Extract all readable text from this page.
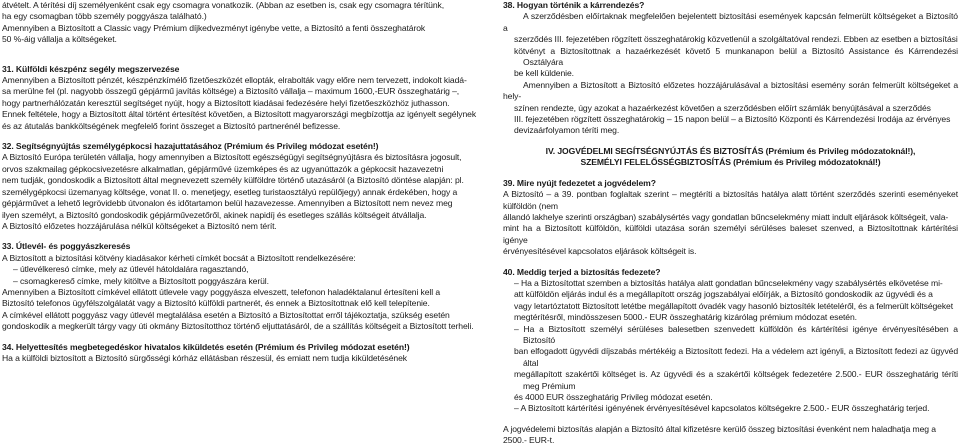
átvételt. A térítési díj személyenként csak egy csomagra vonatkozik. (Abban az esetben is, csak egy csomagra térítünk,

ha egy csomagban több személy poggyásza található.)

Amennyiben a Biztosított a Classic vagy Prémium díjkedvezményt igénybe vette, a Biztosító a fenti összeghatárok

50 %-áig vállalja a költségeket.

31. Külföldi készpénz segély megszervezése

Amennyiben a Biztosított pénzét, készpénzkímélő fizetőeszközét ellopták, elrabolták vagy előre nem tervezett, indokolt kiadá-

sa merülne fel (pl. nagyobb összegű gépjármű javítás költsége) a Biztosító vállalja – maximum 1600,-EUR összeghatárig –,

hogy partnerhálózatán keresztül segítséget nyújt, hogy a Biztosított kiadásai fedezésére helyi fizetőeszközhöz juthasson.

Ennek feltétele, hogy a Biztosított által történt értesítést követően, a Biztosított magyarországi megbízottja az igényelt segélynek

és az átutalás bankköltségének megfelelő forint összeget a Biztosító partnerénél befizesse.

32. Segítségnyújtás személygépkocsi hazajuttatásához (Prémium és Privileg módozat esetén!)

A Biztosító Európa területén vállalja, hogy amennyiben a Biztosított egészségügyi segítségnyújtásra és biztosításra jogosult,

orvos szakmailag gépkocsivezetésre alkalmatlan, gépjárművé üzemképes és az ugyanúttazók a gépkocsit hazavezetni

nem tudják, gondoskodik a Biztosított által megnevezett személy külföldre történő utazásáról (a Biztosító döntése alapján: pl.

személygépkocsi üzemanyag költsége, vonat II. o. menetjegy, esetleg turistaosztályú repülőjegy) annak érdekében, hogy a

gépjárművet a lehető legrövidebb útvonalon és időtartamon belül hazavezesse. Amennyiben a Biztosított nem nevez meg

ilyen személyt, a Biztosító gondoskodik gépjárművezetőről, akinek napidíj és esetleges szállás költségeit átvállalja.

A Biztosító előzetes hozzájárulása nélkül költségeket a Biztosító nem térít.

33. Útlevél- és poggyászkeresés

A Biztosított a biztosítási kötvény kiadásakor kérheti címkét bocsát a Biztosított rendelkezésére:

– útlevélkeresó címke, mely az útlevél hátoldalára ragasztandó,

– csomagkereső címke, mely kitöltve a Biztosított poggyászára kerül.

Amennyiben a Biztosított címkével ellátott útlevele vagy poggyásza elveszett, telefonon haladéktalanul értesíteni kell a

Biztosító telefonos ügyfélszolgálatát vagy a Biztosító külföldi partnerét, és ennek a Biztosítottnak elő kell telepítenie.

A címkével ellátott poggyász vagy útlevél megtalálása esetén a Biztosító a Biztosítottat erről tájékoztatja, szükség esetén

gondoskodik a megkerült tárgy vagy úti okmány Biztosítotthoz történő eljuttatásáról, de a szállítás költségeit a Biztosított terheli.

34. Helyettesítés megbetegedéskor hivatalos kiküldetés esetén (Prémium és Privileg módozat esetén!)

Ha a külföldi biztosított a Biztosító sürgősségi kórház ellátásban részesül, és emiatt nem tudja kiküldetésének

38. Hogyan történik a kárrendezés?

A szerződésben előírtaknak megfelelően bejelentett biztosítási események kapcsán felmerült költségeket a Biztosító a

szerződés III. fejezetében rögzített összeghatárokig közvetlenül a szolgáltatóval rendezi. Ebben az esetben a biztosítási

kötvényt a Biztosítottnak a hazaérkezését követő 5 munkanapon belül a Biztosító Assistance és Kárrendezési Osztályára

be kell küldenie.

Amennyiben a Biztosított a Biztosító előzetes hozzájárulásával a biztosítási esemény során felmerült költségeket a hely-

színen rendezte, úgy azokat a hazaérkezést követően a szerződésben előírt számlák benyújtásával a szerződés

III. fejezetében rögzített összeghatárokig – 15 napon belül – a Biztosító Központi és Kárrendezési Irodája az érvényes

devizaárfolyamon téríti meg.

IV. JOGVÉDELMI SEGÍTSÉGNYÚJTÁS ÉS BIZTOSÍTÁS (Prémium és Privileg módozatoknál!),

SZEMÉLYI FELELŐSSÉGBIZTOSÍTÁS (Prémium és Privileg módozatoknál!)

39. Mire nyújt fedezetet a jogvédelem?

A Biztosító – a 39. pontban foglaltak szerint – megtéríti a biztosítás hatálya alatt történt szerződés szerinti eseményeket külföldön (nem

állandó lakhelye szerinti országban) szabálysértés vagy gondatlan bűncselekmény miatt indult eljárások költségeit, vala-

mint ha a Biztosított külföldön, külföldi utazása során személyi sérüléses baleset szenved, a Biztosítottnak kártérítési igénye

érvényesítésével kapcsolatos eljárások költségeit is.

40. Meddig terjed a biztosítás fedezete?

– Ha a Biztosítottat szemben a biztosítás hatálya alatt gondatlan bűncselekmény vagy szabálysértés elkövetése mi-

att külföldön eljárás indul és a megállapított ország jogszabályai előírják, a Biztosító gondoskodik az ügyvédi és a

vagy letartóztatott Biztosított letétbe megállapított óvadék vagy hasonló biztosíték letételéről, és a felmerült költségeket

megtérítésről, mindösszesen 5000.- EUR összeghatárig kizárólag prémium módozat esetén.

– Ha a Biztosított személyi sérüléses balesetben szenvedett külföldön és kártérítési igénye érvényesítésében a Biztosító

ban elfogadott ügyvédi díjszabás mértékéig a Biztosított fedezi. Ha a védelem azt igényli, a Biztosított fedezi az ügyvéd által

megállapított szakértői költséget is. Az ügyvédi és a szakértői költségek fedezetére 2.500.- EUR összeghatárig téríti meg Prémium

és 4000 EUR összeghatárig Privileg módozat esetén.

– A Biztosított kártérítési igényének érvényesítésével kapcsolatos költségekre 2.500.- EUR összeghatárig terjed.

A jogvédelemi biztosítás alapján a Biztosító által kifizetésre kerülő összeg biztosítási évenként nem haladhatja meg a

2500.- EUR-t.
